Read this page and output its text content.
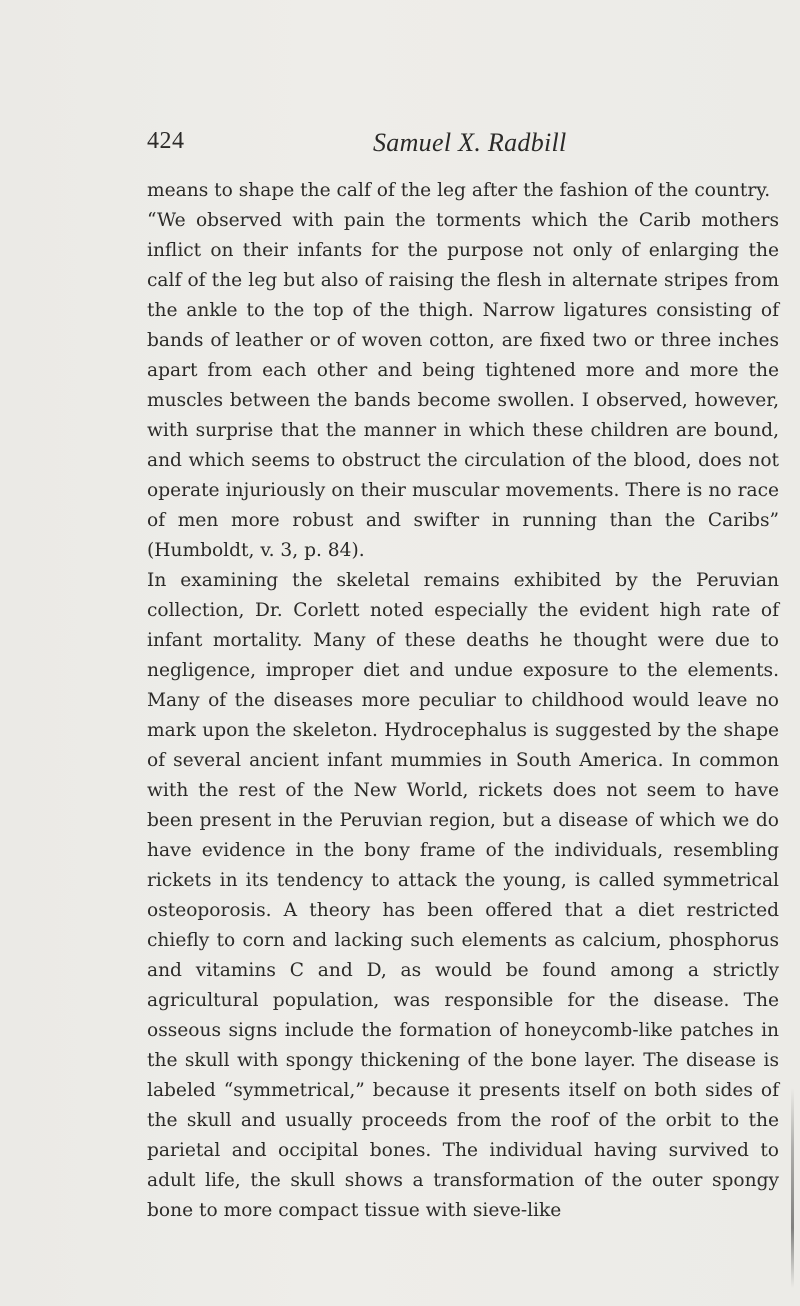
424	Samuel X. Radbill

means to shape the calf of the leg after the fashion of the country.

“We observed with pain the torments which the Carib mothers inflict on their infants for the purpose not only of enlarging the calf of the leg but also of raising the flesh in alternate stripes from the ankle to the top of the thigh. Narrow ligatures consisting of bands of leather or of woven cotton, are fixed two or three inches apart from each other and being tightened more and more the muscles between the bands become swollen. I observed, however, with surprise that the manner in which these children are bound, and which seems to obstruct the circulation of the blood, does not operate injuriously on their muscular movements. There is no race of men more robust and swifter in running than the Caribs” (Humboldt, v. 3, p. 84).

In examining the skeletal remains exhibited by the Peruvian collection, Dr. Corlett noted especially the evident high rate of infant mortality. Many of these deaths he thought were due to negligence, improper diet and undue exposure to the elements. Many of the diseases more peculiar to childhood would leave no mark upon the skeleton. Hydrocephalus is suggested by the shape of several ancient infant mummies in South America. In common with the rest of the New World, rickets does not seem to have been present in the Peruvian region, but a disease of which we do have evidence in the bony frame of the individuals, resembling rickets in its tendency to attack the young, is called symmetrical osteoporosis. A theory has been offered that a diet restricted chiefly to corn and lacking such elements as calcium, phosphorus and vitamins C and D, as would be found among a strictly agricultural population, was responsible for the disease. The osseous signs include the formation of honeycomb-like patches in the skull with spongy thickening of the bone layer. The disease is labeled “symmetrical,” because it presents itself on both sides of the skull and usually proceeds from the roof of the orbit to the parietal and occipital bones. The individual having survived to adult life, the skull shows a transformation of the outer spongy bone to more compact tissue with sieve-like
